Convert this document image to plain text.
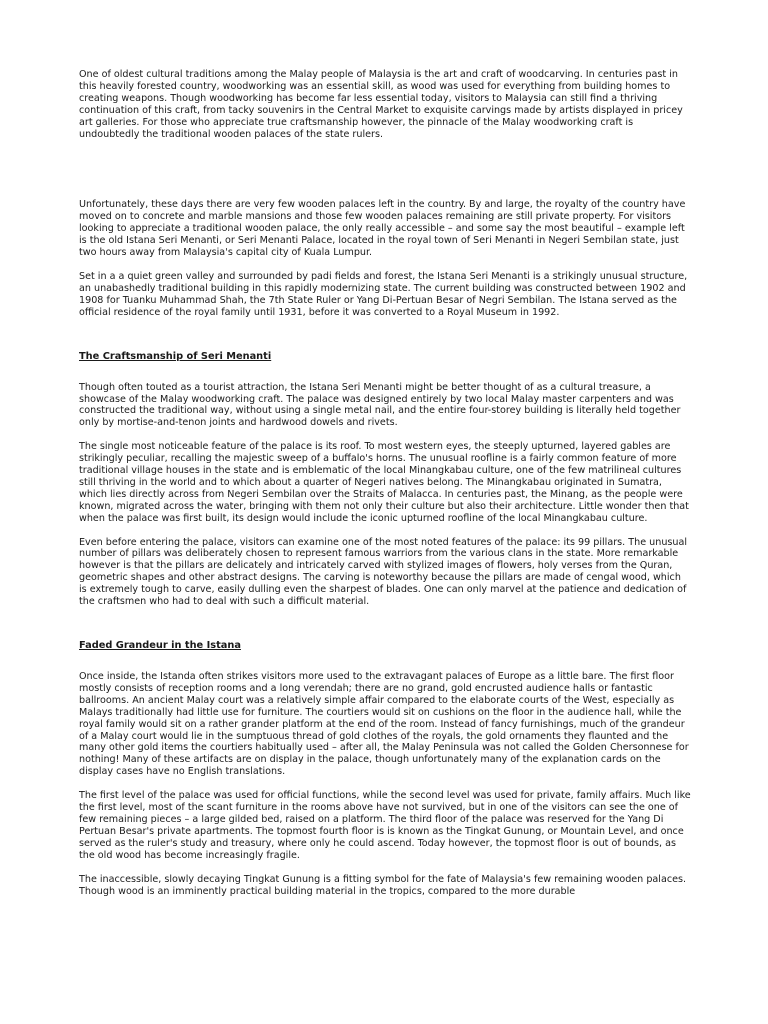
One of oldest cultural traditions among the Malay people of Malaysia is the art and craft of woodcarving. In centuries past in this heavily forested country, woodworking was an essential skill, as wood was used for everything from building homes to creating weapons. Though woodworking has become far less essential today, visitors to Malaysia can still find a thriving continuation of this craft, from tacky souvenirs in the Central Market to exquisite carvings made by artists displayed in pricey art galleries. For those who appreciate true craftsmanship however, the pinnacle of the Malay woodworking craft is undoubtedly the traditional wooden palaces of the state rulers.

Unfortunately, these days there are very few wooden palaces left in the country. By and large, the royalty of the country have moved on to concrete and marble mansions and those few wooden palaces remaining are still private property. For visitors looking to appreciate a traditional wooden palace, the only really accessible – and some say the most beautiful – example left is the old Istana Seri Menanti, or Seri Menanti Palace, located in the royal town of Seri Menanti in Negeri Sembilan state, just two hours away from Malaysia's capital city of Kuala Lumpur.

Set in a a quiet green valley and surrounded by padi fields and forest, the Istana Seri Menanti is a strikingly unusual structure, an unabashedly traditional building in this rapidly modernizing state. The current building was constructed between 1902 and 1908 for Tuanku Muhammad Shah, the 7th State Ruler or Yang Di-Pertuan Besar of Negri Sembilan. The Istana served as the official residence of the royal family until 1931, before it was converted to a Royal Museum in 1992.

The Craftsmanship of Seri Menanti

Though often touted as a tourist attraction, the Istana Seri Menanti might be better thought of as a cultural treasure, a showcase of the Malay woodworking craft. The palace was designed entirely by two local Malay master carpenters and was constructed the traditional way, without using a single metal nail, and the entire four-storey building is literally held together only by mortise-and-tenon joints and hardwood dowels and rivets.

The single most noticeable feature of the palace is its roof. To most western eyes, the steeply upturned, layered gables are strikingly peculiar, recalling the majestic sweep of a buffalo's horns. The unusual roofline is a fairly common feature of more traditional village houses in the state and is emblematic of the local Minangkabau culture, one of the few matrilineal cultures still thriving in the world and to which about a quarter of Negeri natives belong. The Minangkabau originated in Sumatra, which lies directly across from Negeri Sembilan over the Straits of Malacca. In centuries past, the Minang, as the people were known, migrated across the water, bringing with them not only their culture but also their architecture. Little wonder then that when the palace was first built, its design would include the iconic upturned roofline of the local Minangkabau culture.

Even before entering the palace, visitors can examine one of the most noted features of the palace: its 99 pillars. The unusual number of pillars was deliberately chosen to represent famous warriors from the various clans in the state. More remarkable however is that the pillars are delicately and intricately carved with stylized images of flowers, holy verses from the Quran, geometric shapes and other abstract designs. The carving is noteworthy because the pillars are made of cengal wood, which is extremely tough to carve, easily dulling even the sharpest of blades. One can only marvel at the patience and dedication of the craftsmen who had to deal with such a difficult material.

Faded Grandeur in the Istana

Once inside, the Istanda often strikes visitors more used to the extravagant palaces of Europe as a little bare. The first floor mostly consists of reception rooms and a long verendah; there are no grand, gold encrusted audience halls or fantastic ballrooms. An ancient Malay court was a relatively simple affair compared to the elaborate courts of the West, especially as Malays traditionally had little use for furniture. The courtiers would sit on cushions on the floor in the audience hall, while the royal family would sit on a rather grander platform at the end of the room. Instead of fancy furnishings, much of the grandeur of a Malay court would lie in the sumptuous thread of gold clothes of the royals, the gold ornaments they flaunted and the many other gold items the courtiers habitually used – after all, the Malay Peninsula was not called the Golden Chersonnese for nothing! Many of these artifacts are on display in the palace, though unfortunately many of the explanation cards on the display cases have no English translations.

The first level of the palace was used for official functions, while the second level was used for private, family affairs. Much like the first level, most of the scant furniture in the rooms above have not survived, but in one of the visitors can see the one of few remaining pieces – a large gilded bed, raised on a platform. The third floor of the palace was reserved for the Yang Di Pertuan Besar's private apartments. The topmost fourth floor is is known as the Tingkat Gunung, or Mountain Level, and once served as the ruler's study and treasury, where only he could ascend. Today however, the topmost floor is out of bounds, as the old wood has become increasingly fragile.

The inaccessible, slowly decaying Tingkat Gunung is a fitting symbol for the fate of Malaysia's few remaining wooden palaces. Though wood is an imminently practical building material in the tropics, compared to the more durable
